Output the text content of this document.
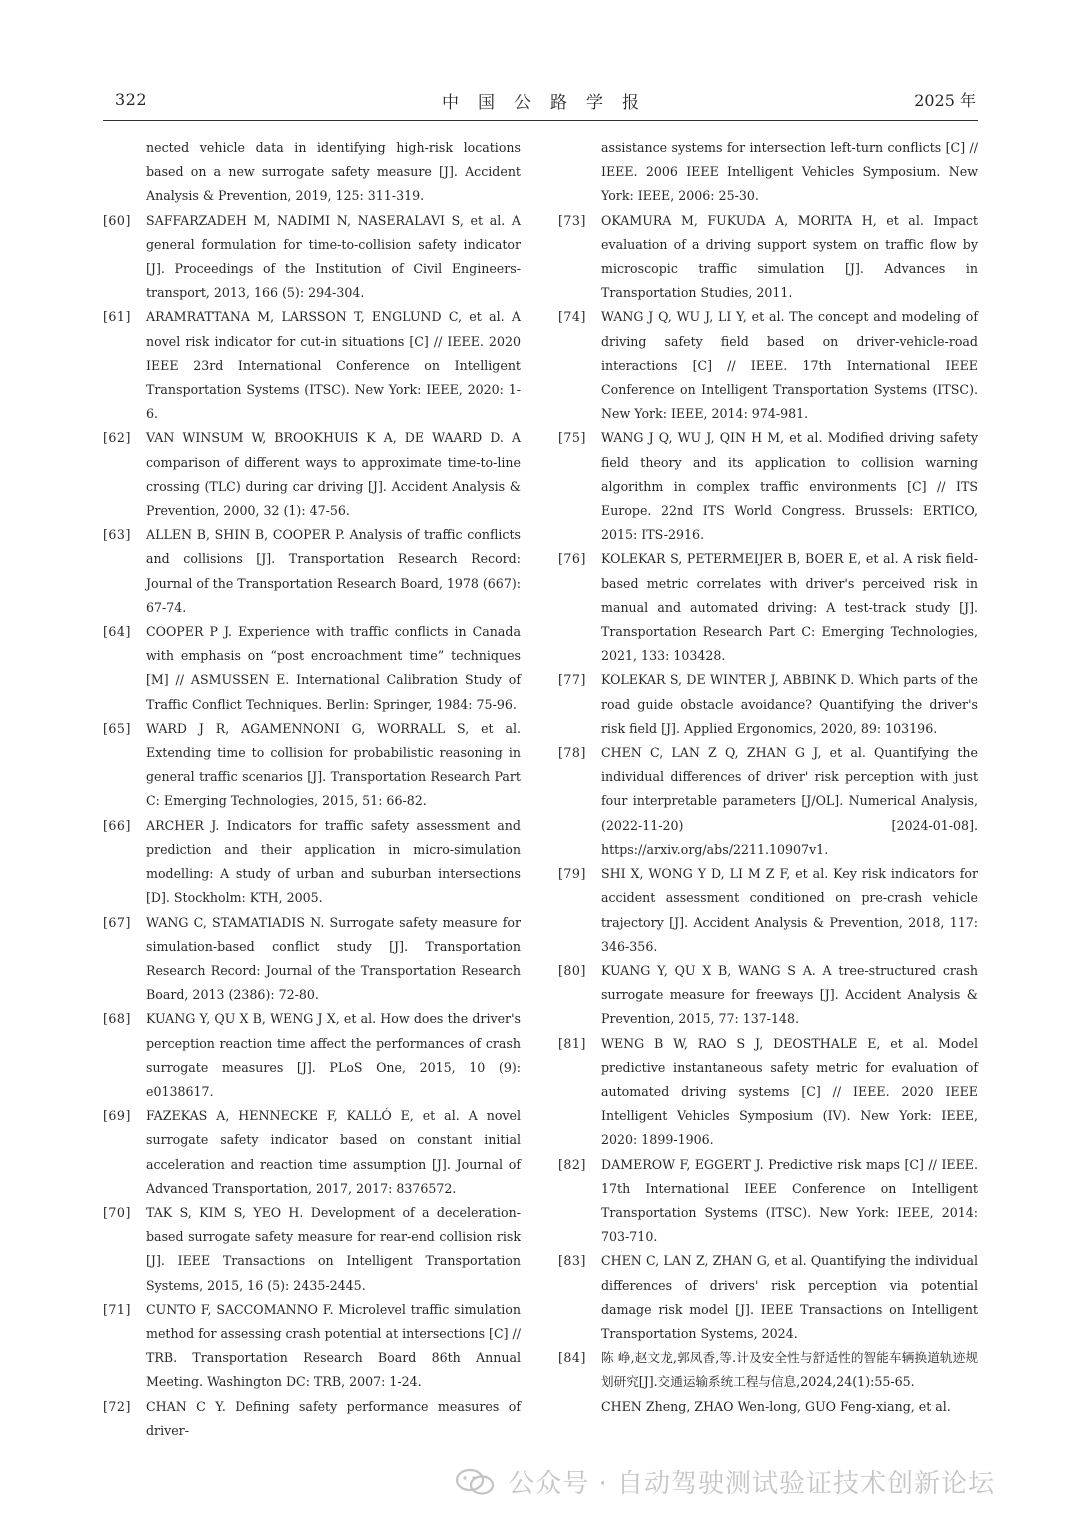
322	中国公路学报	2025 年
nected vehicle data in identifying high-risk locations based on a new surrogate safety measure [J]. Accident Analysis & Prevention, 2019, 125: 311-319.
[60] SAFFARZADEH M, NADIMI N, NASERALAVI S, et al. A general formulation for time-to-collision safety indicator [J]. Proceedings of the Institution of Civil Engineers-transport, 2013, 166 (5): 294-304.
[61] ARAMRATTANA M, LARSSON T, ENGLUND C, et al. A novel risk indicator for cut-in situations [C] // IEEE. 2020 IEEE 23rd International Conference on Intelligent Transportation Systems (ITSC). New York: IEEE, 2020: 1-6.
[62] VAN WINSUM W, BROOKHUIS K A, DE WAARD D. A comparison of different ways to approximate time-to-line crossing (TLC) during car driving [J]. Accident Analysis & Prevention, 2000, 32 (1): 47-56.
[63] ALLEN B, SHIN B, COOPER P. Analysis of traffic conflicts and collisions [J]. Transportation Research Record: Journal of the Transportation Research Board, 1978 (667): 67-74.
[64] COOPER P J. Experience with traffic conflicts in Canada with emphasis on “post encroachment time” techniques [M] // ASMUSSEN E. International Calibration Study of Traffic Conflict Techniques. Berlin: Springer, 1984: 75-96.
[65] WARD J R, AGAMENNONI G, WORRALL S, et al. Extending time to collision for probabilistic reasoning in general traffic scenarios [J]. Transportation Research Part C: Emerging Technologies, 2015, 51: 66-82.
[66] ARCHER J. Indicators for traffic safety assessment and prediction and their application in micro-simulation modelling: A study of urban and suburban intersections [D]. Stockholm: KTH, 2005.
[67] WANG C, STAMATIADIS N. Surrogate safety measure for simulation-based conflict study [J]. Transportation Research Record: Journal of the Transportation Research Board, 2013 (2386): 72-80.
[68] KUANG Y, QU X B, WENG J X, et al. How does the driver's perception reaction time affect the performances of crash surrogate measures [J]. PLoS One, 2015, 10 (9): e0138617.
[69] FAZEKAS A, HENNECKE F, KALLÓ E, et al. A novel surrogate safety indicator based on constant initial acceleration and reaction time assumption [J]. Journal of Advanced Transportation, 2017, 2017: 8376572.
[70] TAK S, KIM S, YEO H. Development of a deceleration-based surrogate safety measure for rear-end collision risk [J]. IEEE Transactions on Intelligent Transportation Systems, 2015, 16 (5): 2435-2445.
[71] CUNTO F, SACCOMANNO F. Microlevel traffic simulation method for assessing crash potential at intersections [C] // TRB. Transportation Research Board 86th Annual Meeting. Washington DC: TRB, 2007: 1-24.
[72] CHAN C Y. Defining safety performance measures of driver-
assistance systems for intersection left-turn conflicts [C] // IEEE. 2006 IEEE Intelligent Vehicles Symposium. New York: IEEE, 2006: 25-30.
[73] OKAMURA M, FUKUDA A, MORITA H, et al. Impact evaluation of a driving support system on traffic flow by microscopic traffic simulation [J]. Advances in Transportation Studies, 2011.
[74] WANG J Q, WU J, LI Y, et al. The concept and modeling of driving safety field based on driver-vehicle-road interactions [C] // IEEE. 17th International IEEE Conference on Intelligent Transportation Systems (ITSC). New York: IEEE, 2014: 974-981.
[75] WANG J Q, WU J, QIN H M, et al. Modified driving safety field theory and its application to collision warning algorithm in complex traffic environments [C] // ITS Europe. 22nd ITS World Congress. Brussels: ERTICO, 2015: ITS-2916.
[76] KOLEKAR S, PETERMEIJER B, BOER E, et al. A risk field-based metric correlates with driver's perceived risk in manual and automated driving: A test-track study [J]. Transportation Research Part C: Emerging Technologies, 2021, 133: 103428.
[77] KOLEKAR S, DE WINTER J, ABBINK D. Which parts of the road guide obstacle avoidance? Quantifying the driver's risk field [J]. Applied Ergonomics, 2020, 89: 103196.
[78] CHEN C, LAN Z Q, ZHAN G J, et al. Quantifying the individual differences of driver' risk perception with just four interpretable parameters [J/OL]. Numerical Analysis, (2022-11-20) [2024-01-08]. https://arxiv.org/abs/2211.10907v1.
[79] SHI X, WONG Y D, LI M Z F, et al. Key risk indicators for accident assessment conditioned on pre-crash vehicle trajectory [J]. Accident Analysis & Prevention, 2018, 117: 346-356.
[80] KUANG Y, QU X B, WANG S A. A tree-structured crash surrogate measure for freeways [J]. Accident Analysis & Prevention, 2015, 77: 137-148.
[81] WENG B W, RAO S J, DEOSTHALE E, et al. Model predictive instantaneous safety metric for evaluation of automated driving systems [C] // IEEE. 2020 IEEE Intelligent Vehicles Symposium (IV). New York: IEEE, 2020: 1899-1906.
[82] DAMEROW F, EGGERT J. Predictive risk maps [C] // IEEE. 17th International IEEE Conference on Intelligent Transportation Systems (ITSC). New York: IEEE, 2014: 703-710.
[83] CHEN C, LAN Z, ZHAN G, et al. Quantifying the individual differences of drivers' risk perception via potential damage risk model [J]. IEEE Transactions on Intelligent Transportation Systems, 2024.
[84] 陈 峥,赵文龙,郭凤香,等.计及安全性与舒适性的智能车辆换道轨迹规划研究[J].交通运输系统工程与信息,2024,24(1):55-65.
CHEN Zheng, ZHAO Wen-long, GUO Feng-xiang, et al.
公众号 · 自动驾驶测试验证技术创新论坛
